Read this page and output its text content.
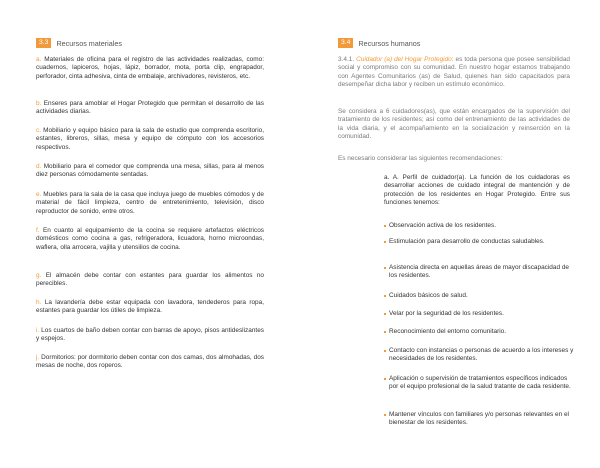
3.3	Recursos materiales

a. Materiales de oficina para el registro de las actividades realizadas, como: cuadernos, lapiceros, hojas, lápiz, borrador, mota, porta clip, engrapador, perforador, cinta adhesiva, cinta de embalaje, archivadores, revisteros, etc.

b. Enseres para amoblar el Hogar Protegido que permitan el desarrollo de las actividades diarias.

c. Mobiliario y equipo básico para la sala de estudio que comprenda escritorio, estantes, libreros, sillas, mesa y equipo de cómputo con los accesorios respectivos.

d. Mobiliario para el comedor que comprenda una mesa, sillas, para al menos diez personas cómodamente sentadas.

e. Muebles para la sala de la casa que incluya juego de muebles cómodos y de material de fácil limpieza, centro de entretenimiento, televisión, disco reproductor de sonido, entre otros.

f. En cuanto al equipamiento de la cocina se requiere artefactos eléctricos domésticos como cocina a gas, refrigeradora, licuadora, horno microondas, waflera, olla arrocera, vajilla y utensilios de cocina.

g. El almacén debe contar con estantes para guardar los alimentos no perecibles.

h. La lavandería debe estar equipada con lavadora, tendederos para ropa, estantes para guardar los útiles de limpieza.

i. Los cuartos de baño deben contar con barras de apoyo, pisos antideslizantes y espejos.

j. Dormitorios: por dormitorio deben contar con dos camas, dos almohadas, dos mesas de noche, dos roperos.

3.4	Recursos humanos

3.4.1. Cuidador (a) del Hogar Protegido: es toda persona que posee sensibilidad social y compromiso con su comunidad. En nuestro hogar estamos trabajando con Agentes Comunitarios (as) de Salud, quienes han sido capacitados para desempeñar dicha labor y reciben un estímulo económico.

Se considera a 6 cuidadores(as), que están encargados de la supervisión del tratamiento de los residentes; así como del entrenamiento de las actividades de la vida diaria, y el acompañamiento en la socialización y reinserción en la comunidad.

Es necesario considerar las siguientes recomendaciones:

a. A. Perfil de cuidador(a). La función de los cuidadoras es desarrollar acciones de cuidado integral de mantención y de protección de los residentes en Hogar Protegido. Entre sus funciones tenemos:

Observación activa de los residentes.
Estimulación para desarrollo de conductas saludables.
Asistencia directa en aquellas áreas de mayor discapacidad de los residentes.
Cuidados básicos de salud.
Velar por la seguridad de los residentes.
Reconocimiento del entorno comunitario.
Contacto con instancias o personas de acuerdo a los intereses y necesidades de los residentes.
Aplicación o supervisión de tratamientos específicos indicados por el equipo profesional de la salud tratante de cada residente.
Mantener vínculos con familiares y/o personas relevantes en el bienestar de los residentes.
